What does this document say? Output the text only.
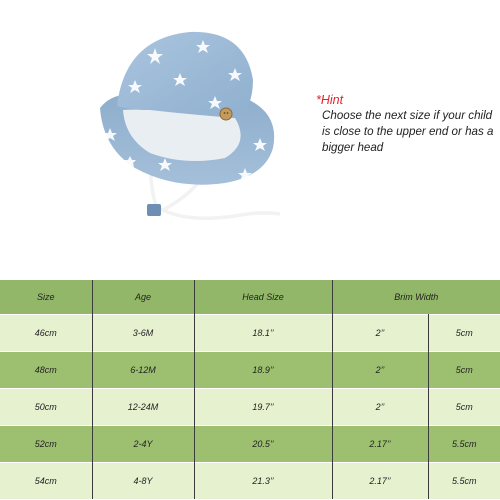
*Hint
Choose the next size if your child is close to the upper end or has a bigger head
Size	Age	Head Size	Brim Width	
46cm	3-6M	18.1’’	2’’	5cm
48cm	6-12M	18.9’’	2’’	5cm
50cm	12-24M	19.7’’	2’’	5cm
52cm	2-4Y	20.5’’	2.17’’	5.5cm
54cm	4-8Y	21.3’’	2.17’’	5.5cm
